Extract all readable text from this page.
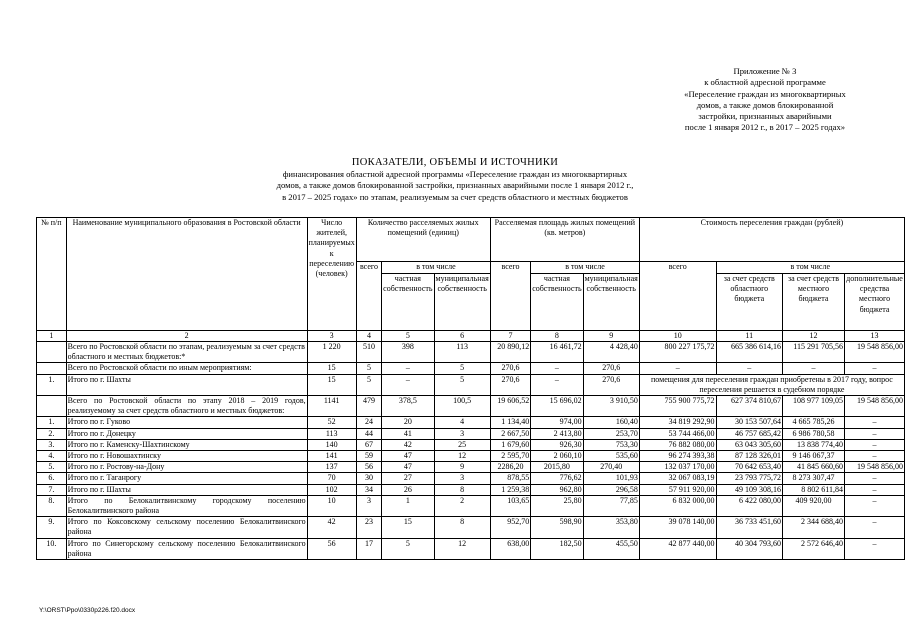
Приложение № 3
к областной адресной программе
«Переселение граждан из многоквартирных
домов, а также домов блокированной
застройки, признанных аварийными
после 1 января 2012 г., в 2017 – 2025 годах»
ПОКАЗАТЕЛИ, ОБЪЕМЫ И ИСТОЧНИКИ
финансирования областной адресной программы «Переселение граждан из многоквартирных
домов, а также домов блокированной застройки, признанных аварийными после 1 января 2012 г.,
в 2017 – 2025 годах» по этапам, реализуемым за счет средств областного и местных бюджетов
№ п/п	Наименование муниципального образования в Ростовской области	Число жителей, планируемых к переселению (человек)	Количество расселяемых жилых помещений (единиц)			Расселяемая площадь жилых помещений (кв. метров)			Стоимость переселения граждан (рублей)			
			всего	в том числе		всего	в том числе		всего	в том числе		
				частная собственность	муниципальная собственность		частная собственность	муниципальная собственность		за счет средств областного бюджета	за счет средств местного бюджета	дополнительные средства местного бюджета
1	2	3	4	5	6	7	8	9	10	11	12	13
	Всего по Ростовской области по этапам, реализуемым за счет средств областного и местных бюджетов:*	1 220	510	398	113	20 890,12	16 461,72	4 428,40	800 227 175,72	665 386 614,16	115 291 705,56	19 548 856,00
	Всего по Ростовской области по иным мероприятиям:	15	5	–	5	270,6	–	270,6	–	–	–	–
1.	Итого по г. Шахты	15	5	–	5	270,6	–	270,6	помещения для переселения граждан приобретены в 2017 году, вопрос переселения решается в судебном порядке			
	Всего по Ростовской области по этапу 2018 – 2019 годов, реализуемому за счет средств областного и местных бюджетов:	1141	479	378,5	100,5	19 606,52	15 696,02	3 910,50	755 900 775,72	627 374 810,67	108 977 109,05	19 548 856,00
1.	Итого по г. Гуково	52	24	20	4	1 134,40	974,00	160,40	34 819 292,90	30 153 507,64	4 665 785,26	–
2.	Итого по г. Донецку	113	44	41	3	2 667,50	2 413,80	253,70	53 744 466,00	46 757 685,42	6 986 780,58	–
3.	Итого по г. Каменску-Шахтинскому	140	67	42	25	1 679,60	926,30	753,30	76 882 080,00	63 043 305,60	13 838 774,40	–
4.	Итого по г. Новошахтинску	141	59	47	12	2 595,70	2 060,10	535,60	96 274 393,38	87 128 326,01	9 146 067,37	–
5.	Итого по г. Ростову-на-Дону	137	56	47	9	2286,20	2015,80	270,40	132 037 170,00	70 642 653,40	41 845 660,60	19 548 856,00
6.	Итого по г. Таганрогу	70	30	27	3	878,55	776,62	101,93	32 067 083,19	23 793 775,72	8 273 307,47	–
7.	Итого по г. Шахты	102	34	26	8	1 259,38	962,80	296,58	57 911 920,00	49 109 308,16	8 802 611,84	–
8.	Итого по Белокалитвинскому городскому поселению Белокалитвинского района	10	3	1	2	103,65	25,80	77,85	6 832 000,00	6 422 080,00	409 920,00	–
9.	Итого по Коксовскому сельскому поселению Белокалитвинского района	42	23	15	8	952,70	598,90	353,80	39 078 140,00	36 733 451,60	2 344 688,40	–
10.	Итого по Синегорскому сельскому поселению Белокалитвинского района	56	17	5	12	638,00	182,50	455,50	42 877 440,00	40 304 793,60	2 572 646,40	–
Y:\ORST\Ppo\0330p226.f20.docx
